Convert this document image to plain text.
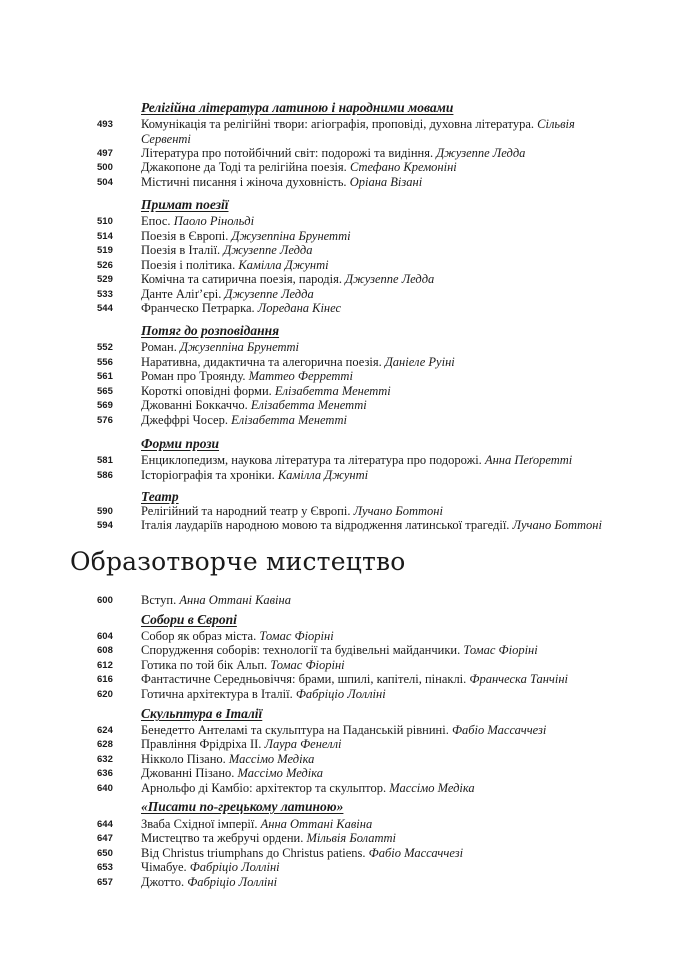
Релігійна література латиною і народними мовами
493	Комунікація та релігійні твори: агіографія, проповіді, духовна література. Сільвія Сервенті
497	Література про потойбічний світ: подорожі та видіння. Джузеппе Ледда
500	Джакопоне да Тоді та релігійна поезія. Стефано Кремоніні
504	Містичні писання і жіноча духовність. Оріана Візані
Примат поезії
510	Епос. Паоло Рінольді
514	Поезія в Європі. Джузеппіна Брунетті
519	Поезія в Італії. Джузеппе Ледда
526	Поезія і політика. Камілла Джунті
529	Комічна та сатирична поезія, пародія. Джузеппе Ледда
533	Данте Аліґ’єрі. Джузеппе Ледда
544	Франческо Петрарка. Лоредана Кінес
Потяг до розповідання
552	Роман. Джузеппіна Брунетті
556	Наративна, дидактична та алегорична поезія. Даніеле Руіні
561	Роман про Троянду. Маттео Ферретті
565	Короткі оповідні форми. Елізабетта Менетті
569	Джованні Боккаччо. Елізабетта Менетті
576	Джеффрі Чосер. Елізабетта Менетті
Форми прози
581	Енциклопедизм, наукова література та література про подорожі. Анна Пеґоретті
586	Історіографія та хроніки. Камілла Джунті
Театр
590	Релігійний та народний театр у Європі. Лучано Боттоні
594	Італія лаударіїв народною мовою та відродження латинської трагедії. Лучано Боттоні
Образотворче мистецтво
600	Вступ. Анна Оттані Кавіна
Собори в Європі
604	Собор як образ міста. Томас Фіоріні
608	Спорудження соборів: технології та будівельні майданчики. Томас Фіоріні
612	Готика по той бік Альп. Томас Фіоріні
616	Фантастичне Середньовіччя: брами, шпилі, капітелі, пінаклі. Франческа Танчіні
620	Готична архітектура в Італії. Фабріціо Лолліні
Скульптура в Італії
624	Бенедетто Антеламі та скульптура на Паданській рівнині. Фабіо Массаччезі
628	Правління Фрідріха II. Лаура Фенеллі
632	Нікколо Пізано. Массімо Медіка
636	Джованні Пізано. Массімо Медіка
640	Арнольфо ді Камбіо: архітектор та скульптор. Массімо Медіка
«Писати по-грецькому латиною»
644	Зваба Східної імперії. Анна Оттані Кавіна
647	Мистецтво та жебручі ордени. Мільвія Болатті
650	Від Christus triumphans до Christus patiens. Фабіо Массаччезі
653	Чімабуе. Фабріціо Лолліні
657	Джотто. Фабріціо Лолліні
